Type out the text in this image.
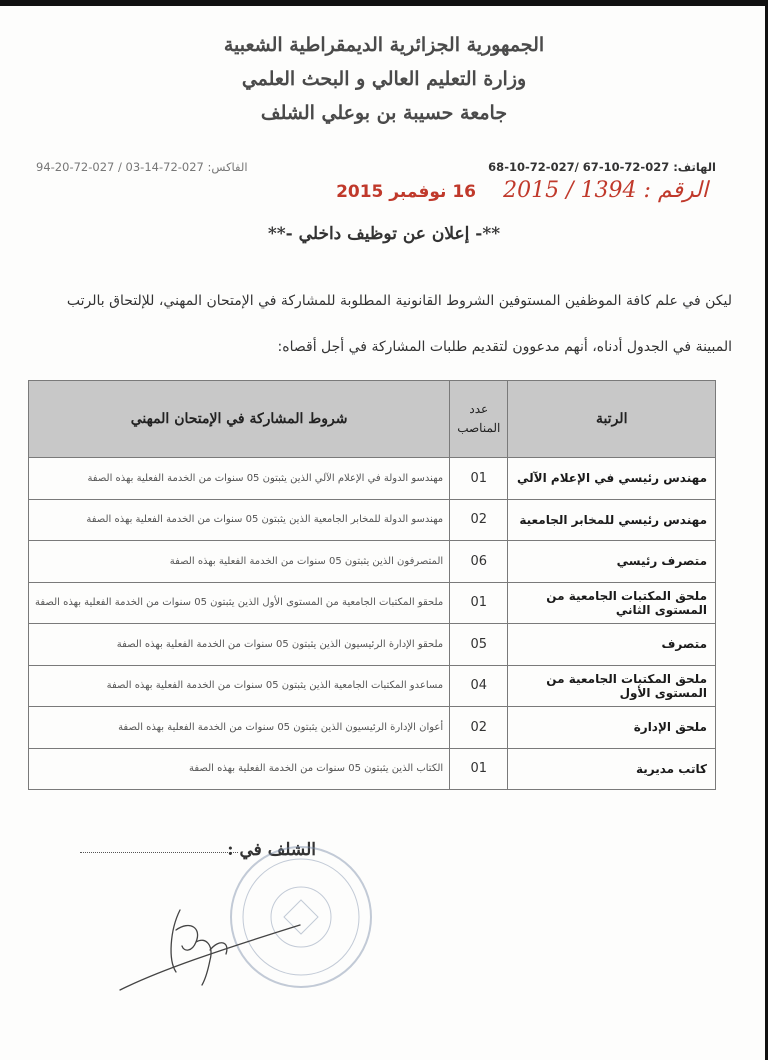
الجمهورية الجزائرية الديمقراطية الشعبية
وزارة التعليم العالي و البحث العلمي
جامعة حسيبة بن بوعلي الشلف
الهاتف: 027-72-10-67 /027-72-10-68
الفاكس: 027-72-14-03 / 027-72-20-94
الرقم : 1394 / 2015 16 نوفمبر 2015
**- إعلان عن توظيف داخلي -**
ليكن في علم كافة الموظفين المستوفين الشروط القانونية المطلوبة للمشاركة في الإمتحان المهني، للإلتحاق بالرتب المبينة في الجدول أدناه، أنهم مدعوون لتقديم طلبات المشاركة في أجل أقصاه:
الرتبة	عدد المناصب	شروط المشاركة في الإمتحان المهني
مهندس رئيسي في الإعلام الآلي	01	مهندسو الدولة في الإعلام الآلي الذين يثبتون 05 سنوات من الخدمة الفعلية بهذه الصفة
مهندس رئيسي للمخابر الجامعية	02	مهندسو الدولة للمخابر الجامعية الذين يثبتون 05 سنوات من الخدمة الفعلية بهذه الصفة
متصرف رئيسي	06	المتصرفون الذين يثبتون 05 سنوات من الخدمة الفعلية بهذه الصفة
ملحق المكتبات الجامعية من المستوى الثاني	01	ملحقو المكتبات الجامعية من المستوى الأول الذين يثبتون 05 سنوات من الخدمة الفعلية بهذه الصفة
متصرف	05	ملحقو الإدارة الرئيسيون الذين يثبتون 05 سنوات من الخدمة الفعلية بهذه الصفة
ملحق المكتبات الجامعية من المستوى الأول	04	مساعدو المكتبات الجامعية الذين يثبتون 05 سنوات من الخدمة الفعلية بهذه الصفة
ملحق الإدارة	02	أعوان الإدارة الرئيسيون الذين يثبتون 05 سنوات من الخدمة الفعلية بهذه الصفة
كاتب مديرية	01	الكتاب الذين يثبتون 05 سنوات من الخدمة الفعلية بهذه الصفة
الشلف في :
